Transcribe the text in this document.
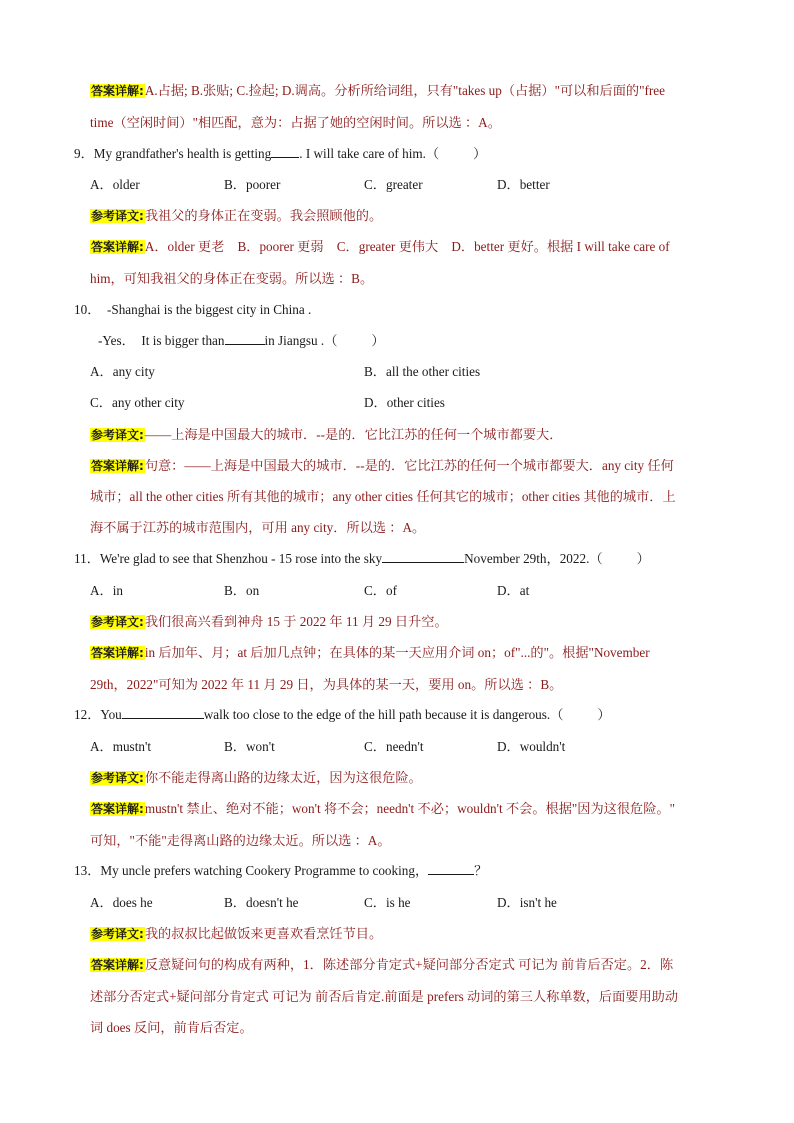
答案详解:A.占据; B.张贴; C.捡起; D.调高。分析所给词组，只有"takes up（占据）"可以和后面的"free
time（空闲时间）"相匹配，意为：占据了她的空闲时间。所以选 ：A。
9．My grandfather's health is getting . I will take care of him.（	）
A．older	B．poorer	C．greater	D．better
参考译文:我祖父的身体正在变弱。我会照顾他的。
答案详解:A．older 更老　B．poorer 更弱　C．greater 更伟大　D．better 更好。根据 I will take care of
him，可知我祖父的身体正在变弱。所以选 ：B。
10．　-Shanghai is the biggest city in China .
-Yes．　It is bigger than	in Jiangsu .（	）
A．any city	B．all the other cities
C．any other city	D．other cities
参考译文:——上海是中国最大的城市．--是的．它比江苏的任何一个城市都要大．
答案详解:句意：——上海是中国最大的城市．--是的．它比江苏的任何一个城市都要大．any city 任何
城市；all the other cities 所有其他的城市；any other cities 任何其它的城市；other cities 其他的城市．上
海不属于江苏的城市范围内，可用 any city．所以选 ：A。
11．We're glad to see that Shenzhou - 15 rose into the sky	November 29th，2022.（	）
A．in	B．on	C．of	D．at
参考译文:我们很高兴看到神舟 15 于 2022 年 11 月 29 日升空。
答案详解:in 后加年、月；at 后加几点钟；在具体的某一天应用介词 on；of"...的"。根据"November
29th，2022"可知为 2022 年 11 月 29 日，为具体的某一天，要用 on。所以选 ：B。
12．You	walk too close to the edge of the hill path because it is dangerous.（	）
A．mustn't	B．won't	C．needn't	D．wouldn't
参考译文:你不能走得离山路的边缘太近，因为这很危险。
答案详解:mustn't 禁止、绝对不能；won't 将不会；needn't 不必；wouldn't 不会。根据"因为这很危险。"
可知，"不能"走得离山路的边缘太近。所以选 ：A。
13．My uncle prefers watching Cookery Programme to cooking，	？
A．does he	B．doesn't he	C．is he	D．isn't he
参考译文:我的叔叔比起做饭来更喜欢看烹饪节目。
答案详解:反意疑问句的构成有两种，1．陈述部分肯定式+疑问部分否定式 可记为 前肯后否定。2．陈
述部分否定式+疑问部分肯定式 可记为 前否后肯定.前面是 prefers 动词的第三人称单数，后面要用助动
词 does 反问，前肯后否定。
